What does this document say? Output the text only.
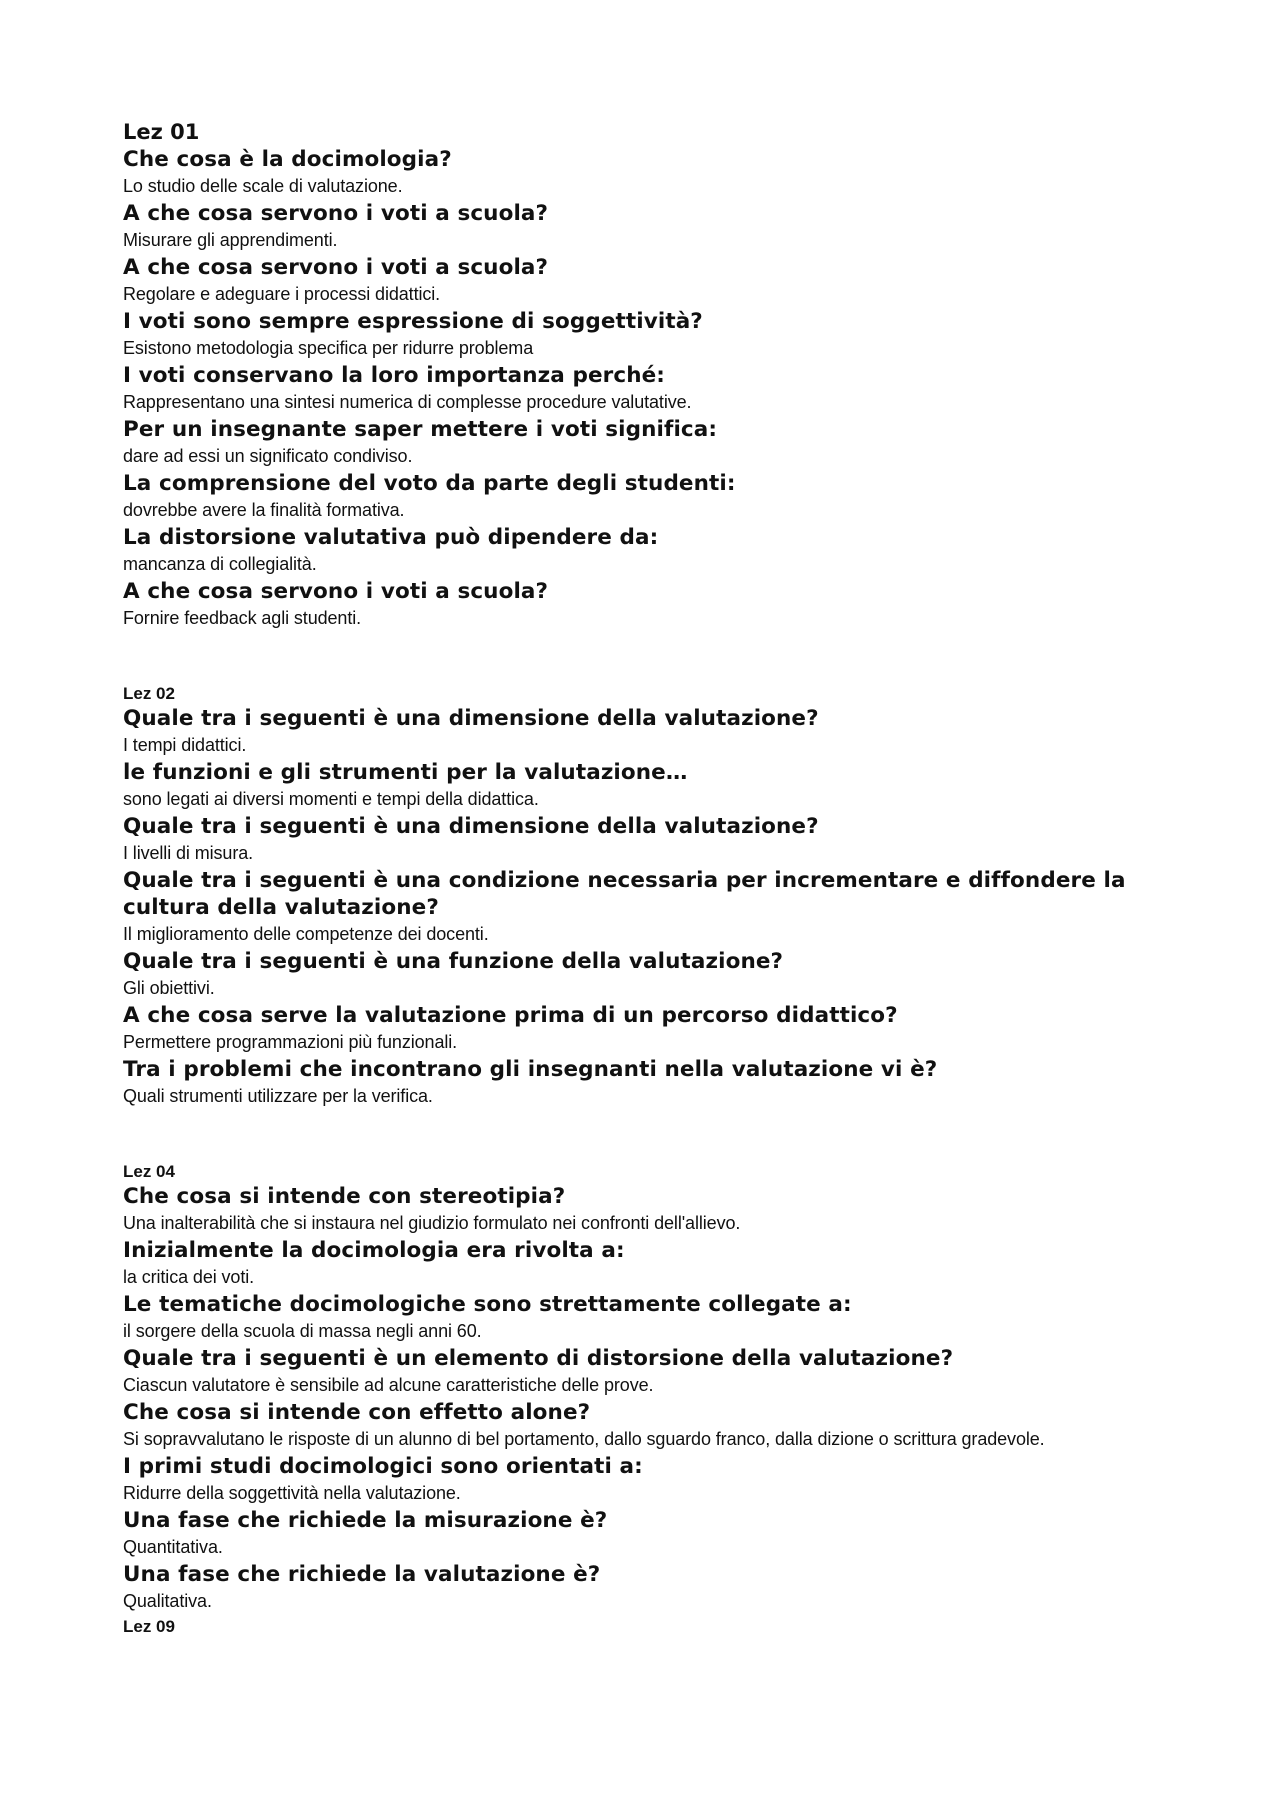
Lez 01

Che cosa è la docimologia?

Lo studio delle scale di valutazione.

A che cosa servono i voti a scuola?

Misurare gli apprendimenti.

A che cosa servono i voti a scuola?

Regolare e adeguare i processi didattici.

I voti sono sempre espressione di soggettività?

Esistono metodologia specifica per ridurre problema

I voti conservano la loro importanza perché:

Rappresentano una sintesi numerica di complesse procedure valutative.

Per un insegnante saper mettere i voti significa:

dare ad essi un significato condiviso.

La comprensione del voto da parte degli studenti:

dovrebbe avere la finalità formativa.

La distorsione valutativa può dipendere da:

mancanza di collegialità.

A che cosa servono i voti a scuola?

Fornire feedback agli studenti.

Lez 02

Quale tra i seguenti è una dimensione della valutazione?

I tempi didattici.

le funzioni e gli strumenti per la valutazione…

sono legati ai diversi momenti e tempi della didattica.

Quale tra i seguenti è una dimensione della valutazione?

I livelli di misura.

Quale tra i seguenti è una condizione necessaria per incrementare e diffondere la cultura della valutazione?

Il miglioramento delle competenze dei docenti.

Quale tra i seguenti è una funzione della valutazione?

Gli obiettivi.

A che cosa serve la valutazione prima di un percorso didattico?

Permettere programmazioni più funzionali.

Tra i problemi che incontrano gli insegnanti nella valutazione vi è?

Quali strumenti utilizzare per la verifica.

Lez 04

Che cosa si intende con stereotipia?

Una inalterabilità che si instaura nel giudizio formulato nei confronti dell'allievo.

Inizialmente la docimologia era rivolta a:

la critica dei voti.

Le tematiche docimologiche sono strettamente collegate a:

il sorgere della scuola di massa negli anni 60.

Quale tra i seguenti è un elemento di distorsione della valutazione?

Ciascun valutatore è sensibile ad alcune caratteristiche delle prove.

Che cosa si intende con effetto alone?

Si sopravvalutano le risposte di un alunno di bel portamento, dallo sguardo franco, dalla dizione o scrittura gradevole.

I primi studi docimologici sono orientati a:

Ridurre della soggettività nella valutazione.

Una fase che richiede la misurazione è?

Quantitativa.

Una fase che richiede la valutazione è?

Qualitativa.

Lez 09
